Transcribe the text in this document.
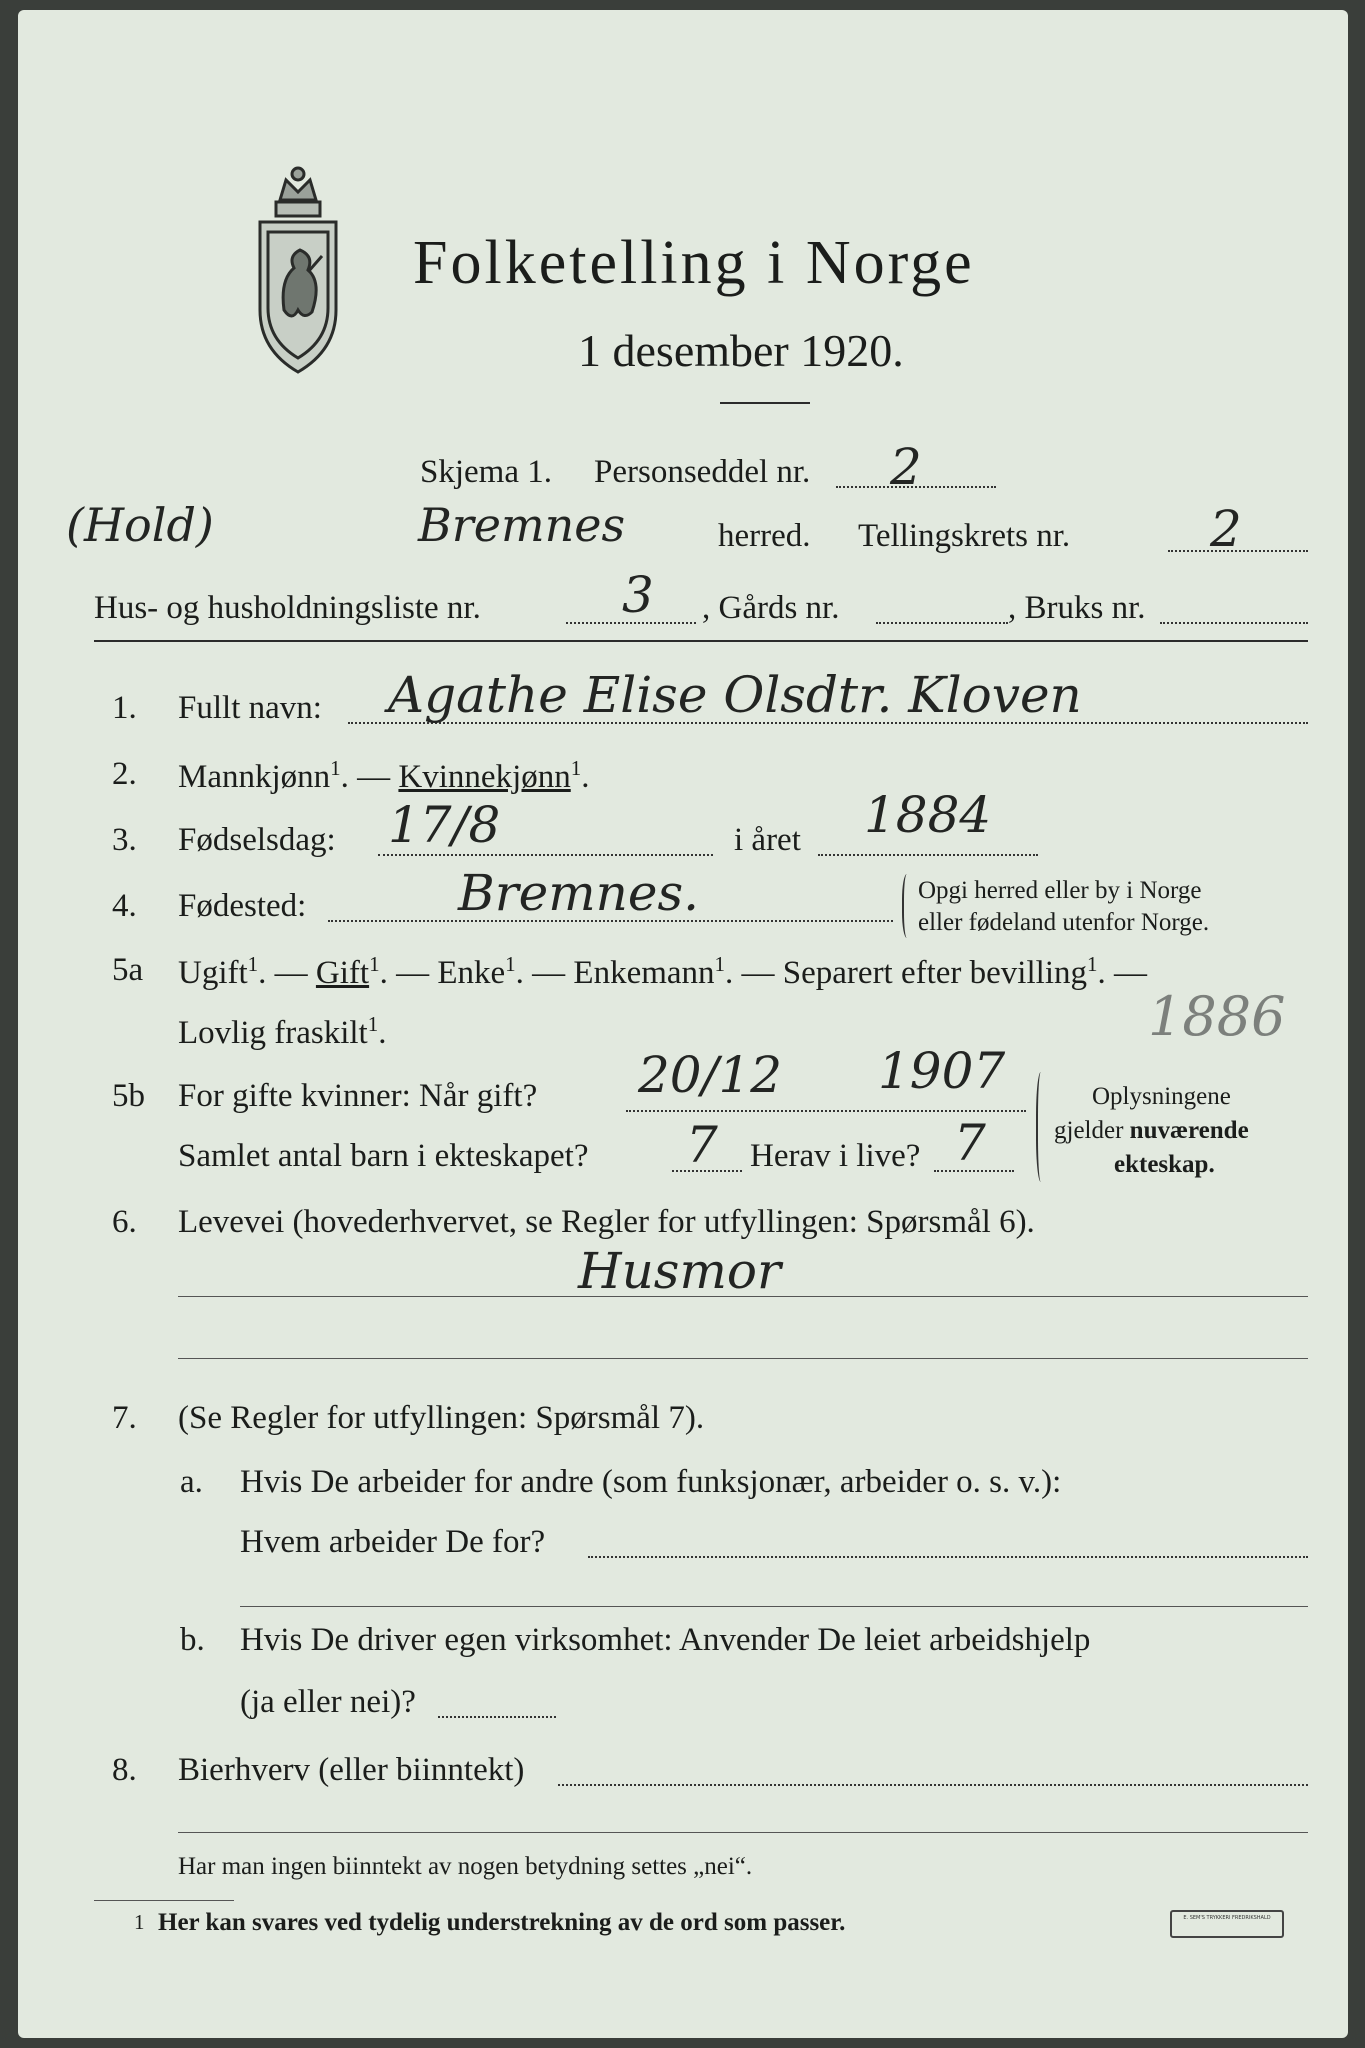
Folketelling i Norge
1 desember 1920.
Skjema 1. Personseddel nr. 2
(Hold)	Bremnes	herred. Tellingskrets nr.	2
Hus- og husholdningsliste nr.	3 , Gårds nr.	, Bruks nr.
1. Fullt navn: Agathe Elise Olsdtr. Kloven
2. Mannkjønn$^1$. — Kvinnekjønn$^1$.
3. Fødselsdag: 17/8	i året 1884
4. Fødested:	Bremnes.	Opgi herred eller by i Norge
eller fødeland utenfor Norge.
5a Ugift$^1$. — Gift$^1$. — Enke$^1$. — Enkemann$^1$. — Separert efter bevilling$^1$. —
Lovlig fraskilt$^1$.	1886
5b For gifte kvinner: Når gift? 20/12 1907
Samlet antal barn i ekteskapet? 7 Herav i live? 7
Oplysningene
gjelder nuværende
ekteskap.
6. Levevei (hovederhvervet, se Regler for utfyllingen: Spørsmål 6).
Husmor
7. (Se Regler for utfyllingen: Spørsmål 7).
a. Hvis De arbeider for andre (som funksjonær, arbeider o. s. v.):
Hvem arbeider De for?
b. Hvis De driver egen virksomhet: Anvender De leiet arbeidshjelp
(ja eller nei)?
8. Bierhverv (eller biinntekt)
Har man ingen biinntekt av nogen betydning settes „nei“.
1 Her kan svares ved tydelig understrekning av de ord som passer.	E. SEM'S TRYKKERI FREDRIKSHALD
